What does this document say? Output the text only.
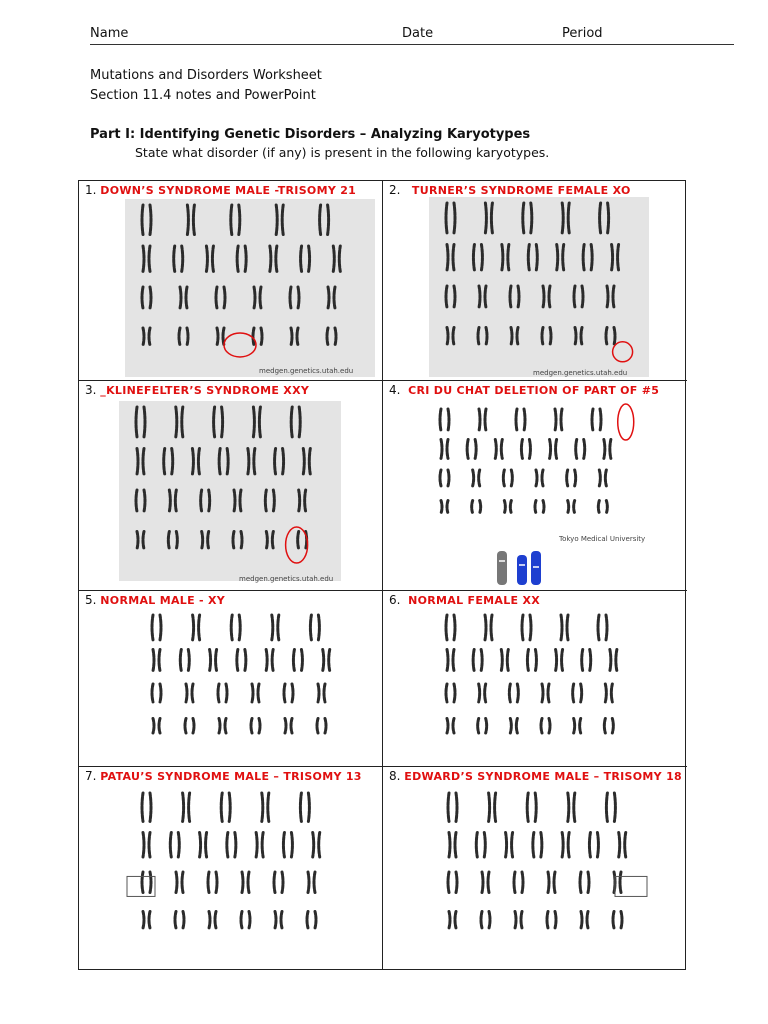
Name	Date	Period
Mutations and Disorders Worksheet
Section 11.4 notes and PowerPoint
Part I: Identifying Genetic Disorders – Analyzing Karyotypes
State what disorder (if any) is present in the following karyotypes.
1. DOWN’S SYNDROME MALE -TRISOMY 21
medgen.genetics.utah.edu
2. TURNER’S SYNDROME FEMALE XO
medgen.genetics.utah.edu
3. _KLINEFELTER’S SYNDROME XXY
medgen.genetics.utah.edu
4. CRI DU CHAT DELETION OF PART OF #5
Tokyo Medical University
5. NORMAL MALE - XY	6. NORMAL FEMALE XX
7. PATAU’S SYNDROME MALE – TRISOMY 13 8. EDWARD’S SYNDROME MALE – TRISOMY 18
